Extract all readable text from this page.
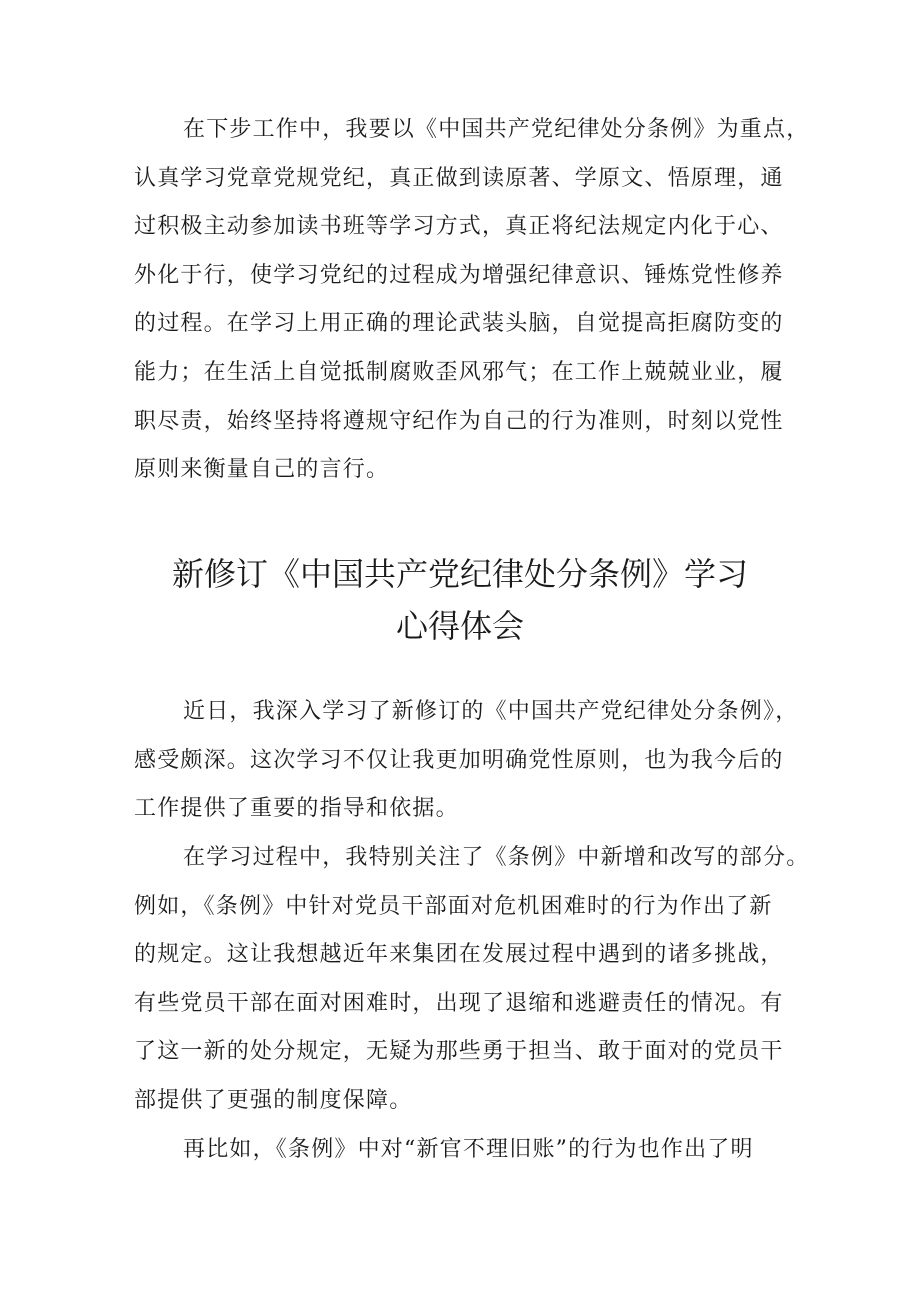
在下步工作中，我要以《中国共产党纪律处分条例》为重点，
认真学习党章党规党纪，真正做到读原著、学原文、悟原理，通
过积极主动参加读书班等学习方式，真正将纪法规定内化于心、
外化于行，使学习党纪的过程成为增强纪律意识、锤炼党性修养
的过程。在学习上用正确的理论武装头脑，自觉提高拒腐防变的
能力；在生活上自觉抵制腐败歪风邪气；在工作上兢兢业业，履
职尽责，始终坚持将遵规守纪作为自己的行为准则，时刻以党性
原则来衡量自己的言行。
新修订《中国共产党纪律处分条例》学习
心得体会
近日，我深入学习了新修订的《中国共产党纪律处分条例》，
感受颇深。这次学习不仅让我更加明确党性原则，也为我今后的
工作提供了重要的指导和依据。
在学习过程中，我特别关注了《条例》中新增和改写的部分。
例如，《条例》中针对党员干部面对危机困难时的行为作出了新
的规定。这让我想越近年来集团在发展过程中遇到的诸多挑战，
有些党员干部在面对困难时，出现了退缩和逃避责任的情况。有
了这一新的处分规定，无疑为那些勇于担当、敢于面对的党员干
部提供了更强的制度保障。
再比如，《条例》中对“新官不理旧账”的行为也作出了明
